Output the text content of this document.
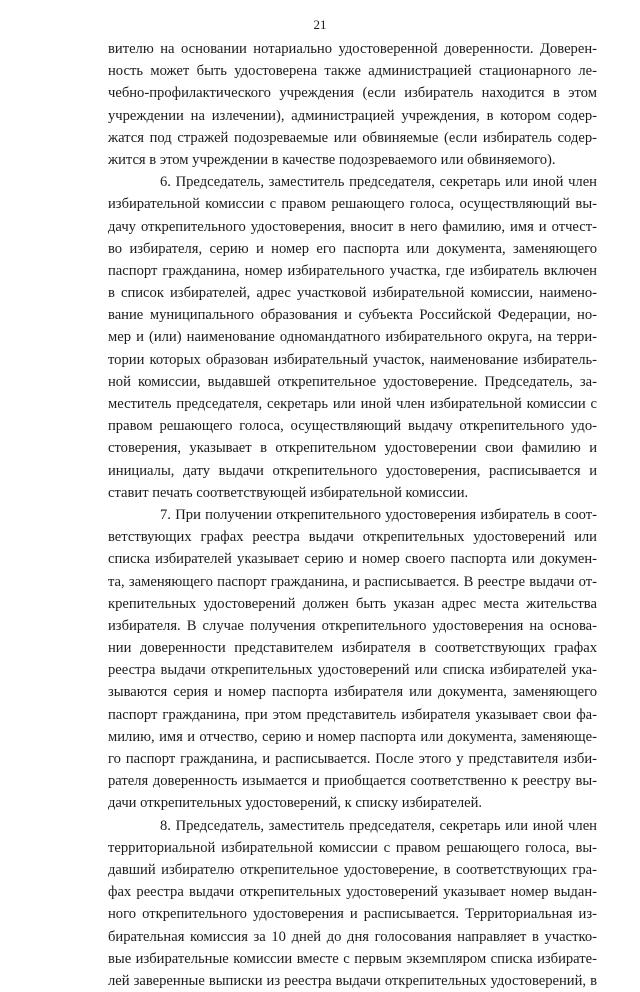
21
вителю на основании нотариально удостоверенной доверенности. Доверен-
ность может быть удостоверена также администрацией стационарного ле-
чебно-профилактического учреждения (если избиратель находится в этом
учреждении на излечении), администрацией учреждения, в котором содер-
жатся под стражей подозреваемые или обвиняемые (если избиратель содер-
жится в этом учреждении в качестве подозреваемого или обвиняемого).
6. Председатель, заместитель председателя, секретарь или иной член
избирательной комиссии с правом решающего голоса, осуществляющий вы-
дачу открепительного удостоверения, вносит в него фамилию, имя и отчест-
во избирателя, серию и номер его паспорта или документа, заменяющего
паспорт гражданина, номер избирательного участка, где избиратель включен
в список избирателей, адрес участковой избирательной комиссии, наимено-
вание муниципального образования и субъекта Российской Федерации, но-
мер и (или) наименование одномандатного избирательного округа, на терри-
тории которых образован избирательный участок, наименование избиратель-
ной комиссии, выдавшей открепительное удостоверение. Председатель, за-
меститель председателя, секретарь или иной член избирательной комиссии с
правом решающего голоса, осуществляющий выдачу открепительного удо-
стоверения, указывает в открепительном удостоверении свои фамилию и
инициалы, дату выдачи открепительного удостоверения, расписывается и
ставит печать соответствующей избирательной комиссии.
7. При получении открепительного удостоверения избиратель в соот-
ветствующих графах реестра выдачи открепительных удостоверений или
списка избирателей указывает серию и номер своего паспорта или докумен-
та, заменяющего паспорт гражданина, и расписывается. В реестре выдачи от-
крепительных удостоверений должен быть указан адрес места жительства
избирателя. В случае получения открепительного удостоверения на основа-
нии доверенности представителем избирателя в соответствующих графах
реестра выдачи открепительных удостоверений или списка избирателей ука-
зываются серия и номер паспорта избирателя или документа, заменяющего
паспорт гражданина, при этом представитель избирателя указывает свои фа-
милию, имя и отчество, серию и номер паспорта или документа, заменяюще-
го паспорт гражданина, и расписывается. После этого у представителя изби-
рателя доверенность изымается и приобщается соответственно к реестру вы-
дачи открепительных удостоверений, к списку избирателей.
8. Председатель, заместитель председателя, секретарь или иной член
территориальной избирательной комиссии с правом решающего голоса, вы-
давший избирателю открепительное удостоверение, в соответствующих гра-
фах реестра выдачи открепительных удостоверений указывает номер выдан-
ного открепительного удостоверения и расписывается. Территориальная из-
бирательная комиссия за 10 дней до дня голосования направляет в участко-
вые избирательные комиссии вместе с первым экземпляром списка избирате-
лей заверенные выписки из реестра выдачи открепительных удостоверений, в
